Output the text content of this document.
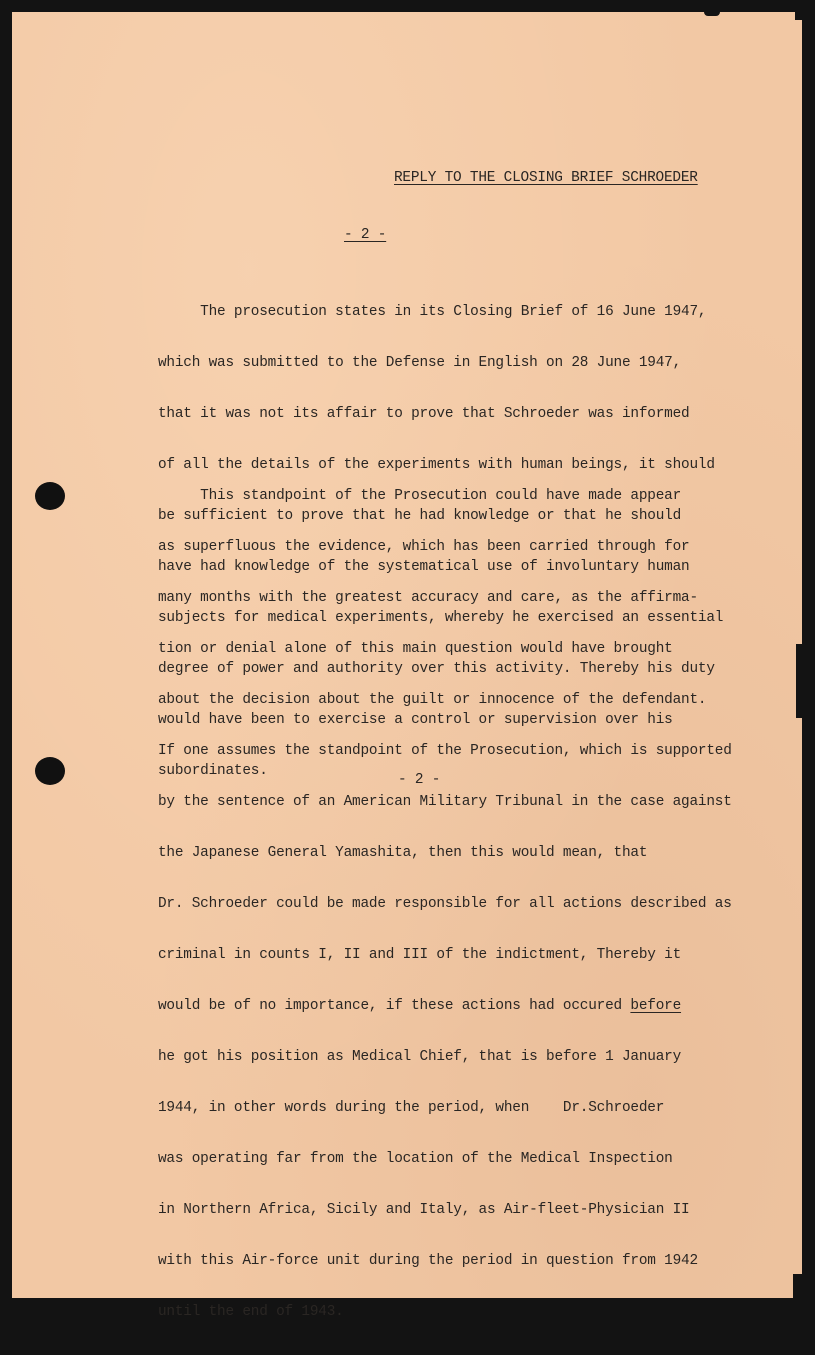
REPLY TO THE CLOSING BRIEF SCHROEDER
- 2 -

The prosecution states in its Closing Brief of 16 June 1947,

which was submitted to the Defense in English on 28 June 1947,

that it was not its affair to prove that Schroeder was informed

of all the details of the experiments with human beings, it should

be sufficient to prove that he had knowledge or that he should

have had knowledge of the systematical use of involuntary human

subjects for medical experiments, whereby he exercised an essential

degree of power and authority over this activity. Thereby his duty

would have been to exercise a control or supervision over his

subordinates.

This standpoint of the Prosecution could have made appear

as superfluous the evidence, which has been carried through for

many months with the greatest accuracy and care, as the affirma-

tion or denial alone of this main question would have brought

about the decision about the guilt or innocence of the defendant.

If one assumes the standpoint of the Prosecution, which is supported

by the sentence of an American Military Tribunal in the case against

the Japanese General Yamashita, then this would mean, that

Dr. Schroeder could be made responsible for all actions described as

criminal in counts I, II and III of the indictment, Thereby it

would be of no importance, if these actions had occured before

he got his position as Medical Chief, that is before 1 January

1944, in other words during the period, when    Dr.Schroeder

was operating far from the location of the Medical Inspection

in Northern Africa, Sicily and Italy, as Air-fleet-Physician II

with this Air-force unit during the period in question from 1942

until the end of 1943.

- 2 -
